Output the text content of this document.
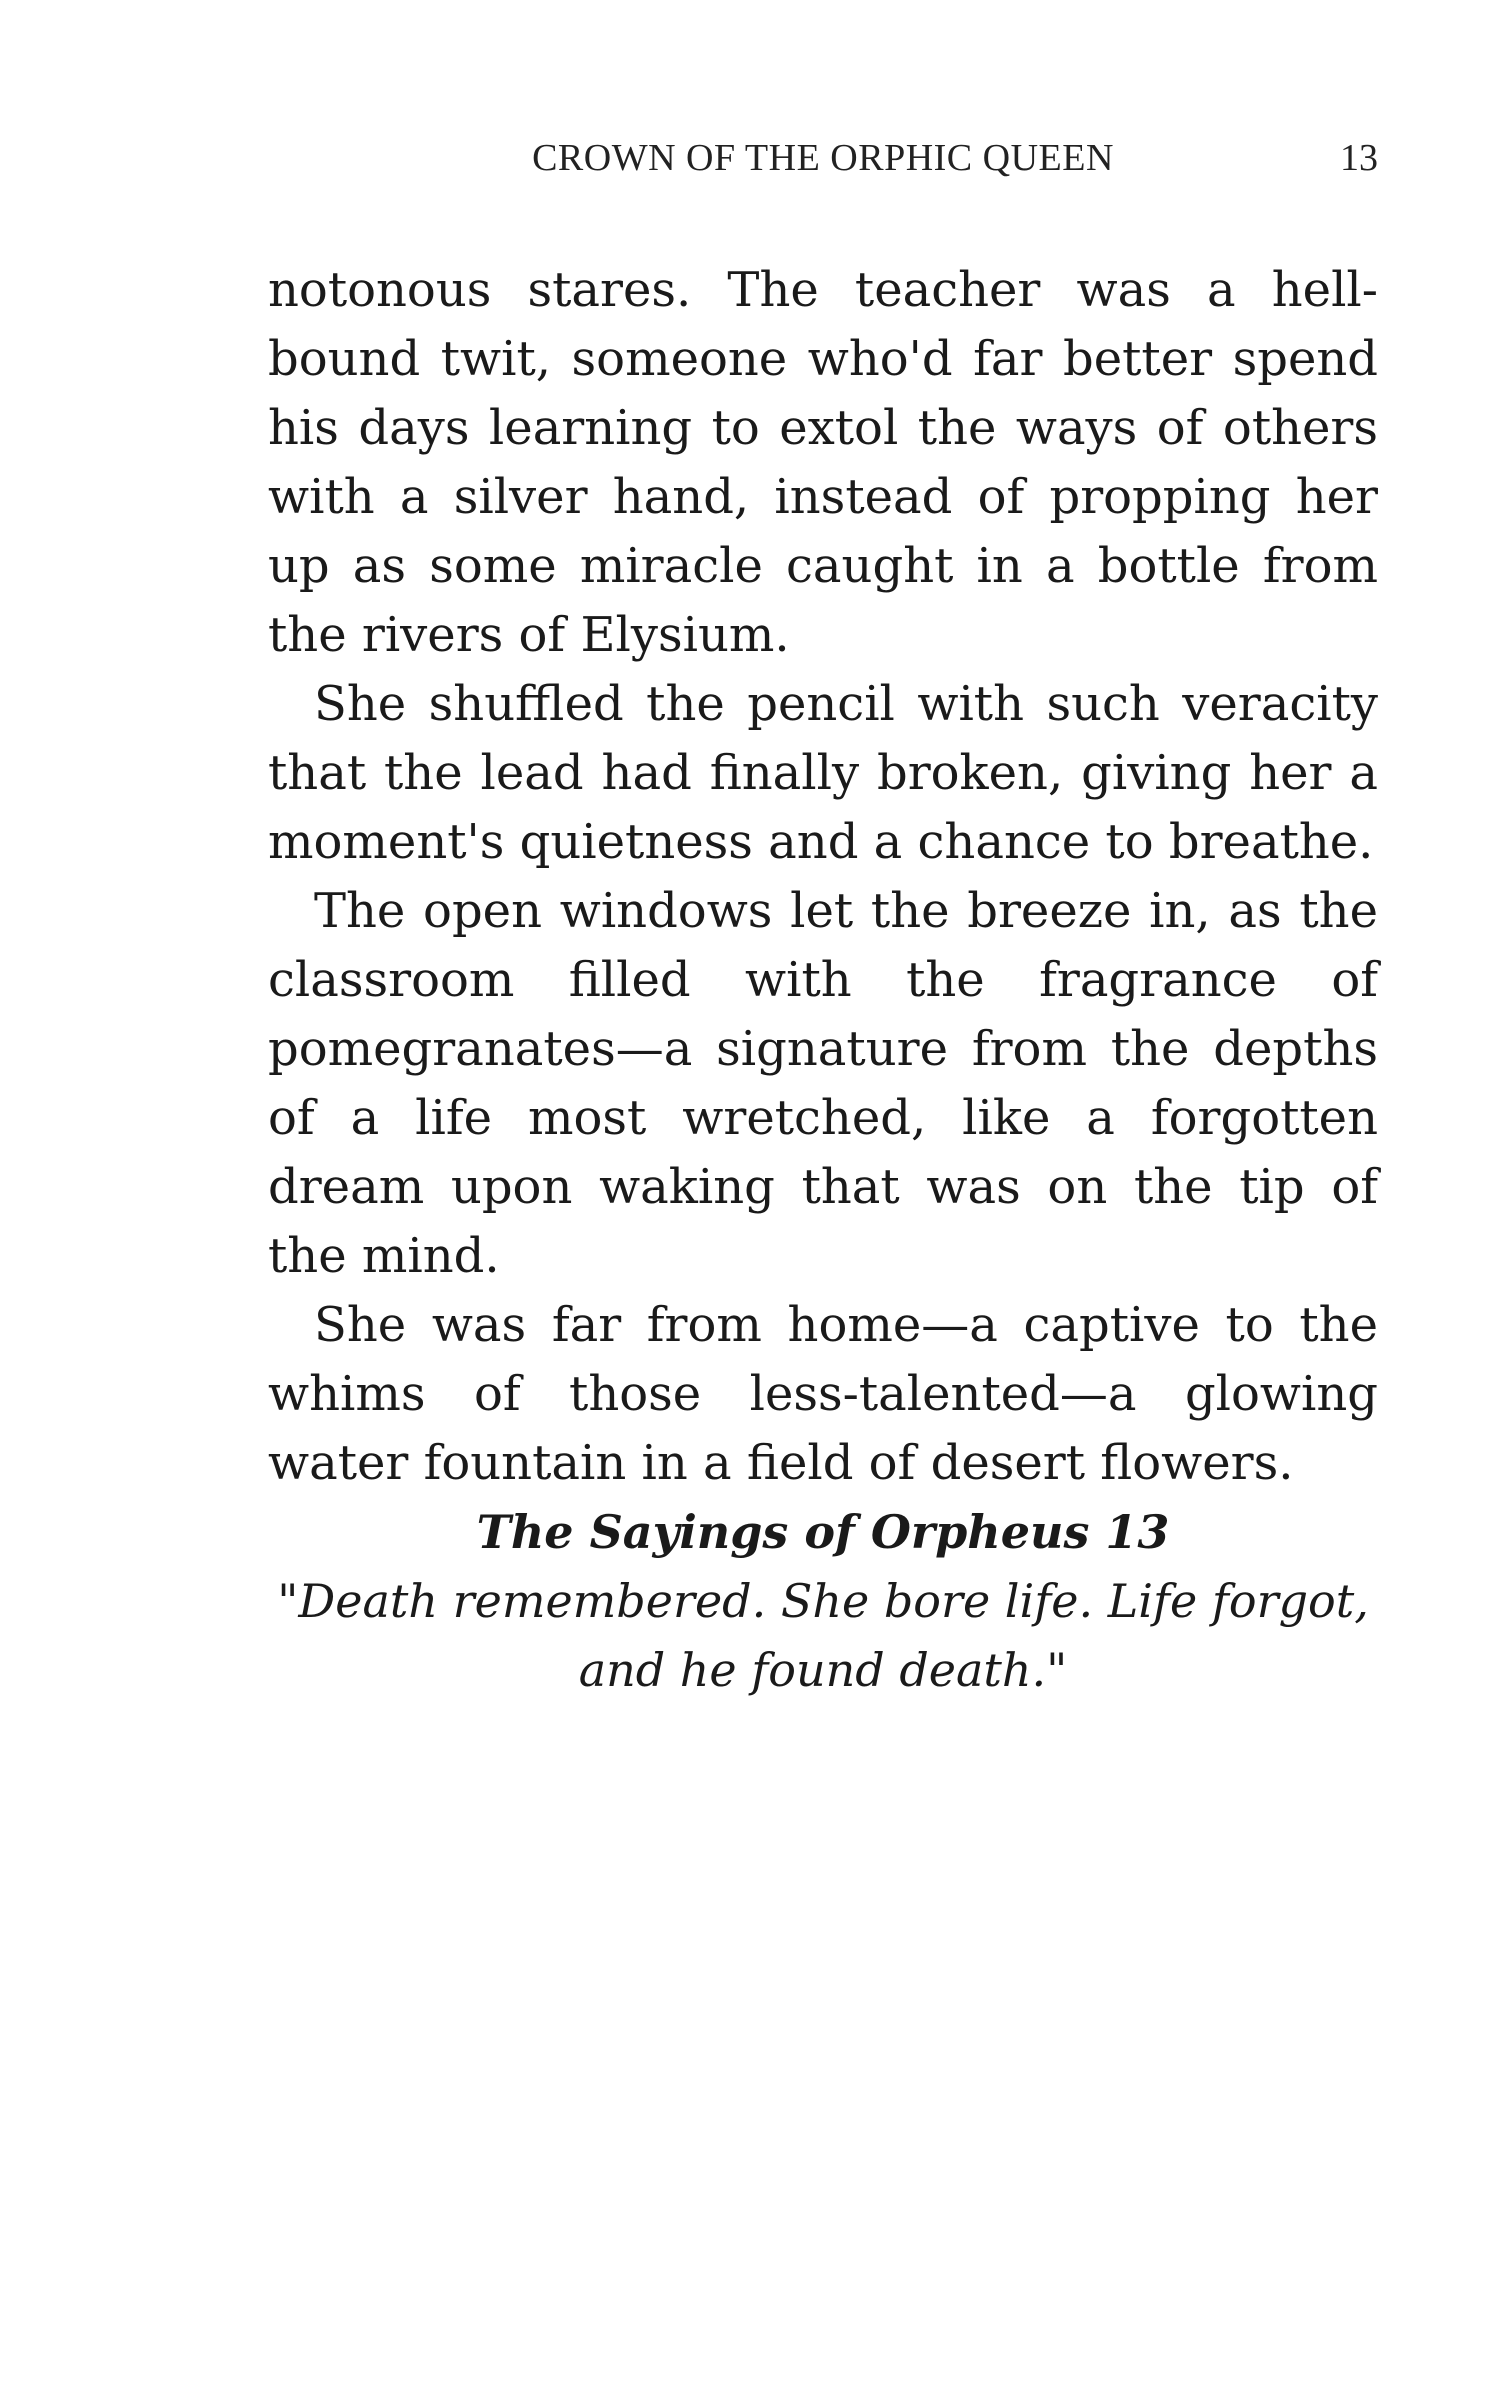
CROWN OF THE ORPHIC QUEEN	13

notonous stares. The teacher was a hell-bound twit, someone who'd far better spend his days learning to extol the ways of others with a silver hand, instead of propping her up as some miracle caught in a bottle from the rivers of Elysium.

She shuffled the pencil with such veracity that the lead had finally broken, giving her a moment's quietness and a chance to breathe.

The open windows let the breeze in, as the classroom filled with the fragrance of pomegranates—a signature from the depths of a life most wretched, like a forgotten dream upon waking that was on the tip of the mind.

She was far from home—a captive to the whims of those less-talented—a glowing water fountain in a field of desert flowers.

The Sayings of Orpheus 13

"Death remembered. She bore life. Life forgot, and he found death."
